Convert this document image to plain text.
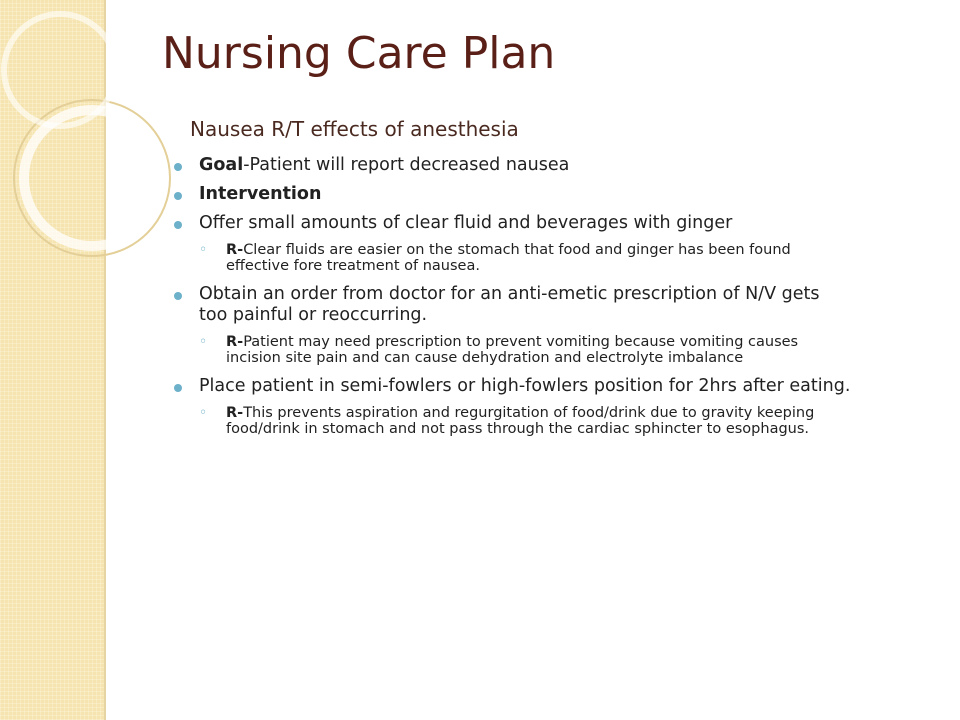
Nursing Care Plan
Nausea R/T effects of anesthesia
Goal-Patient will report decreased nausea
Intervention
Offer small amounts of clear fluid and beverages with ginger
◦ R-Clear fluids are easier on the stomach that food and ginger has been found
effective fore treatment of nausea.
Obtain an order from doctor for an anti-emetic prescription of N/V gets
too painful or reoccurring.
◦ R-Patient may need prescription to prevent vomiting because vomiting causes
incision site pain and can cause dehydration and electrolyte imbalance
Place patient in semi-fowlers or high-fowlers position for 2hrs after eating.
◦ R-This prevents aspiration and regurgitation of food/drink due to gravity keeping
food/drink in stomach and not pass through the cardiac sphincter to esophagus.
